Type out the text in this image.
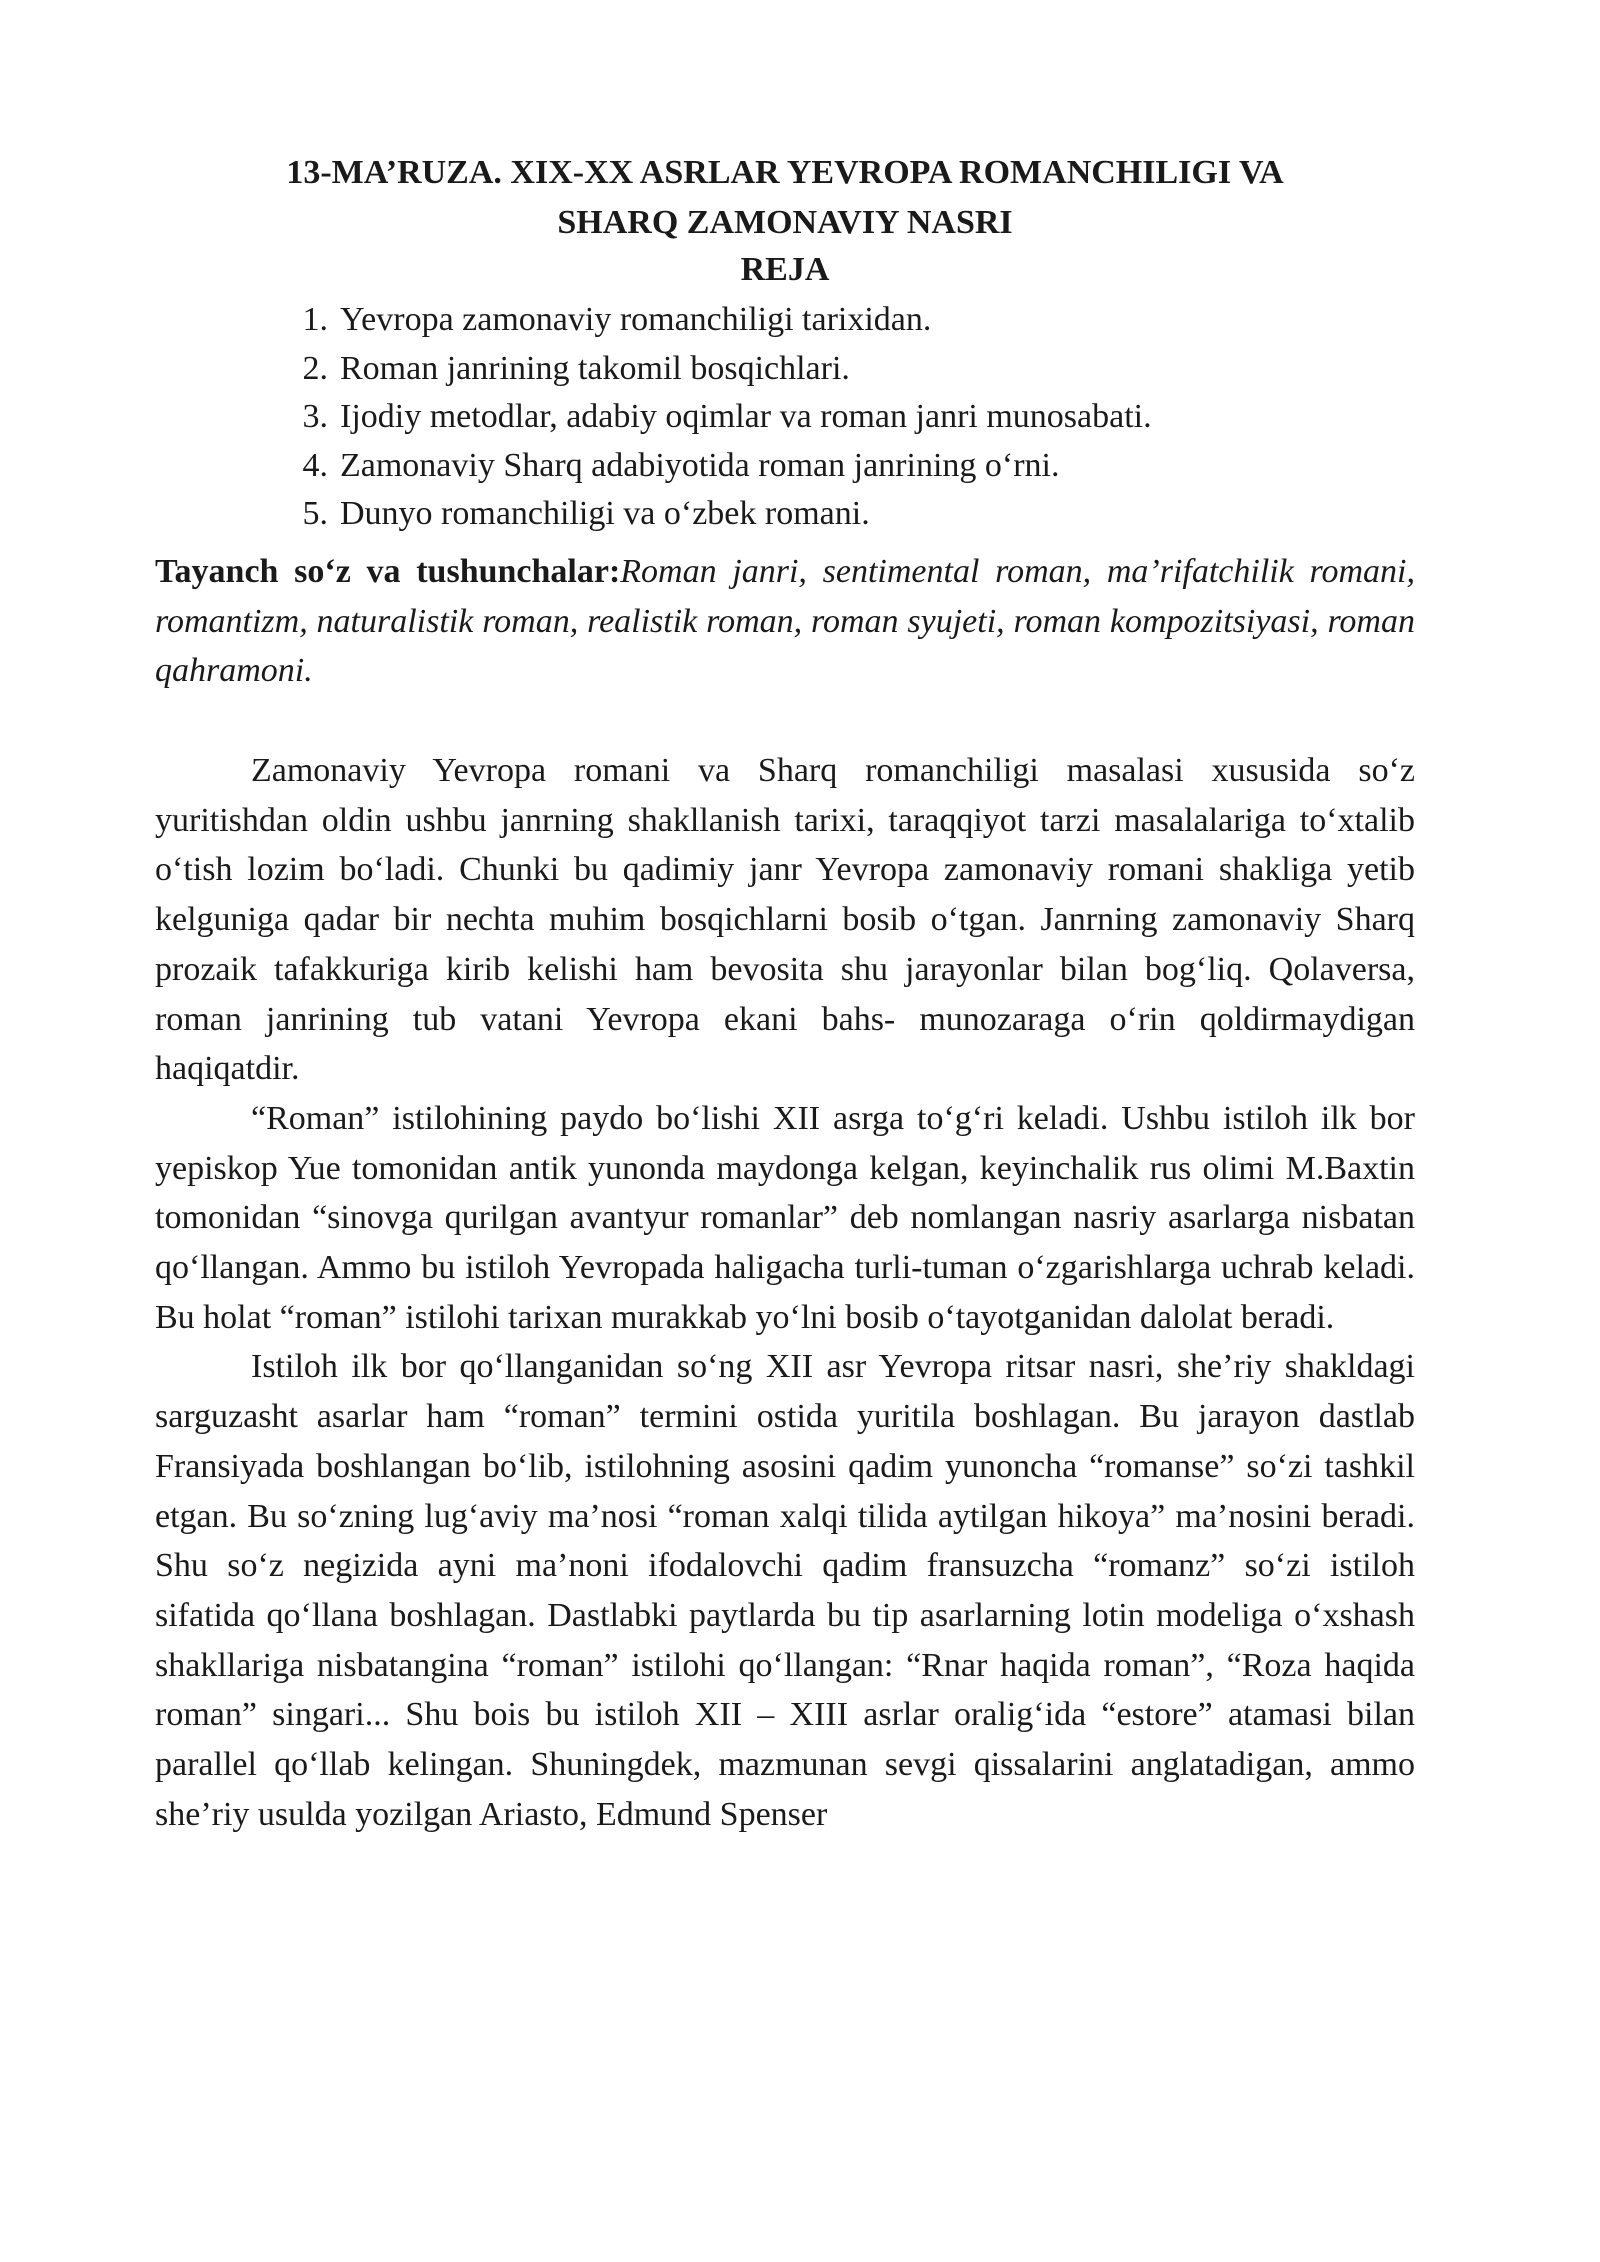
13-MA’RUZA. XIX-XX ASRLAR YEVROPA ROMANCHILIGI VA
SHARQ ZAMONAVIY NASRI
REJA
1. Yevropa zamonaviy romanchiligi tarixidan.
2. Roman janrining takomil bosqichlari.
3. Ijodiy metodlar, adabiy oqimlar va roman janri munosabati.
4. Zamonaviy Sharq adabiyotida roman janrining o‘rni.
5. Dunyo romanchiligi va o‘zbek romani.
Tayanch so‘z va tushunchalar:Roman janri, sentimental roman, ma’rifatchilik romani, romantizm, naturalistik roman, realistik roman, roman syujeti, roman kompozitsiyasi, roman qahramoni.

Zamonaviy Yevropa romani va Sharq romanchiligi masalasi xususida so‘z yuritishdan oldin ushbu janrning shakllanish tarixi, taraqqiyot tarzi masalalariga to‘xtalib o‘tish lozim bo‘ladi. Chunki bu qadimiy janr Yevropa zamonaviy romani shakliga yetib kelguniga qadar bir nechta muhim bosqichlarni bosib o‘tgan. Janrning zamonaviy Sharq prozaik tafakkuriga kirib kelishi ham bevosita shu jarayonlar bilan bog‘liq. Qolaversa, roman janrining tub vatani Yevropa ekani bahs- munozaraga o‘rin qoldirmaydigan haqiqatdir.

“Roman” istilohining paydo bo‘lishi XII asrga to‘g‘ri keladi. Ushbu istiloh ilk bor yepiskop Yue tomonidan antik yunonda maydonga kelgan, keyinchalik rus olimi M.Baxtin tomonidan “sinovga qurilgan avantyur romanlar” deb nomlangan nasriy asarlarga nisbatan qo‘llangan. Ammo bu istiloh Yevropada haligacha turli-tuman o‘zgarishlarga uchrab keladi. Bu holat “roman” istilohi tarixan murakkab yo‘lni bosib o‘tayotganidan dalolat beradi.

Istiloh ilk bor qo‘llanganidan so‘ng XII asr Yevropa ritsar nasri, she’riy shakldagi sarguzasht asarlar ham “roman” termini ostida yuritila boshlagan. Bu jarayon dastlab Fransiyada boshlangan bo‘lib, istilohning asosini qadim yunoncha “romanse” so‘zi tashkil etgan. Bu so‘zning lug‘aviy ma’nosi “roman xalqi tilida aytilgan hikoya” ma’nosini beradi. Shu so‘z negizida ayni ma’noni ifodalovchi qadim fransuzcha “romanz” so‘zi istiloh sifatida qo‘llana boshlagan. Dastlabki paytlarda bu tip asarlarning lotin modeliga o‘xshash shakllariga nisbatangina “roman” istilohi qo‘llangan: “Rnar haqida roman”, “Roza haqida roman” singari... Shu bois bu istiloh XII – XIII asrlar oralig‘ida “estore” atamasi bilan parallel qo‘llab kelingan. Shuningdek, mazmunan sevgi qissalarini anglatadigan, ammo she’riy usulda yozilgan Ariasto, Edmund Spenser
